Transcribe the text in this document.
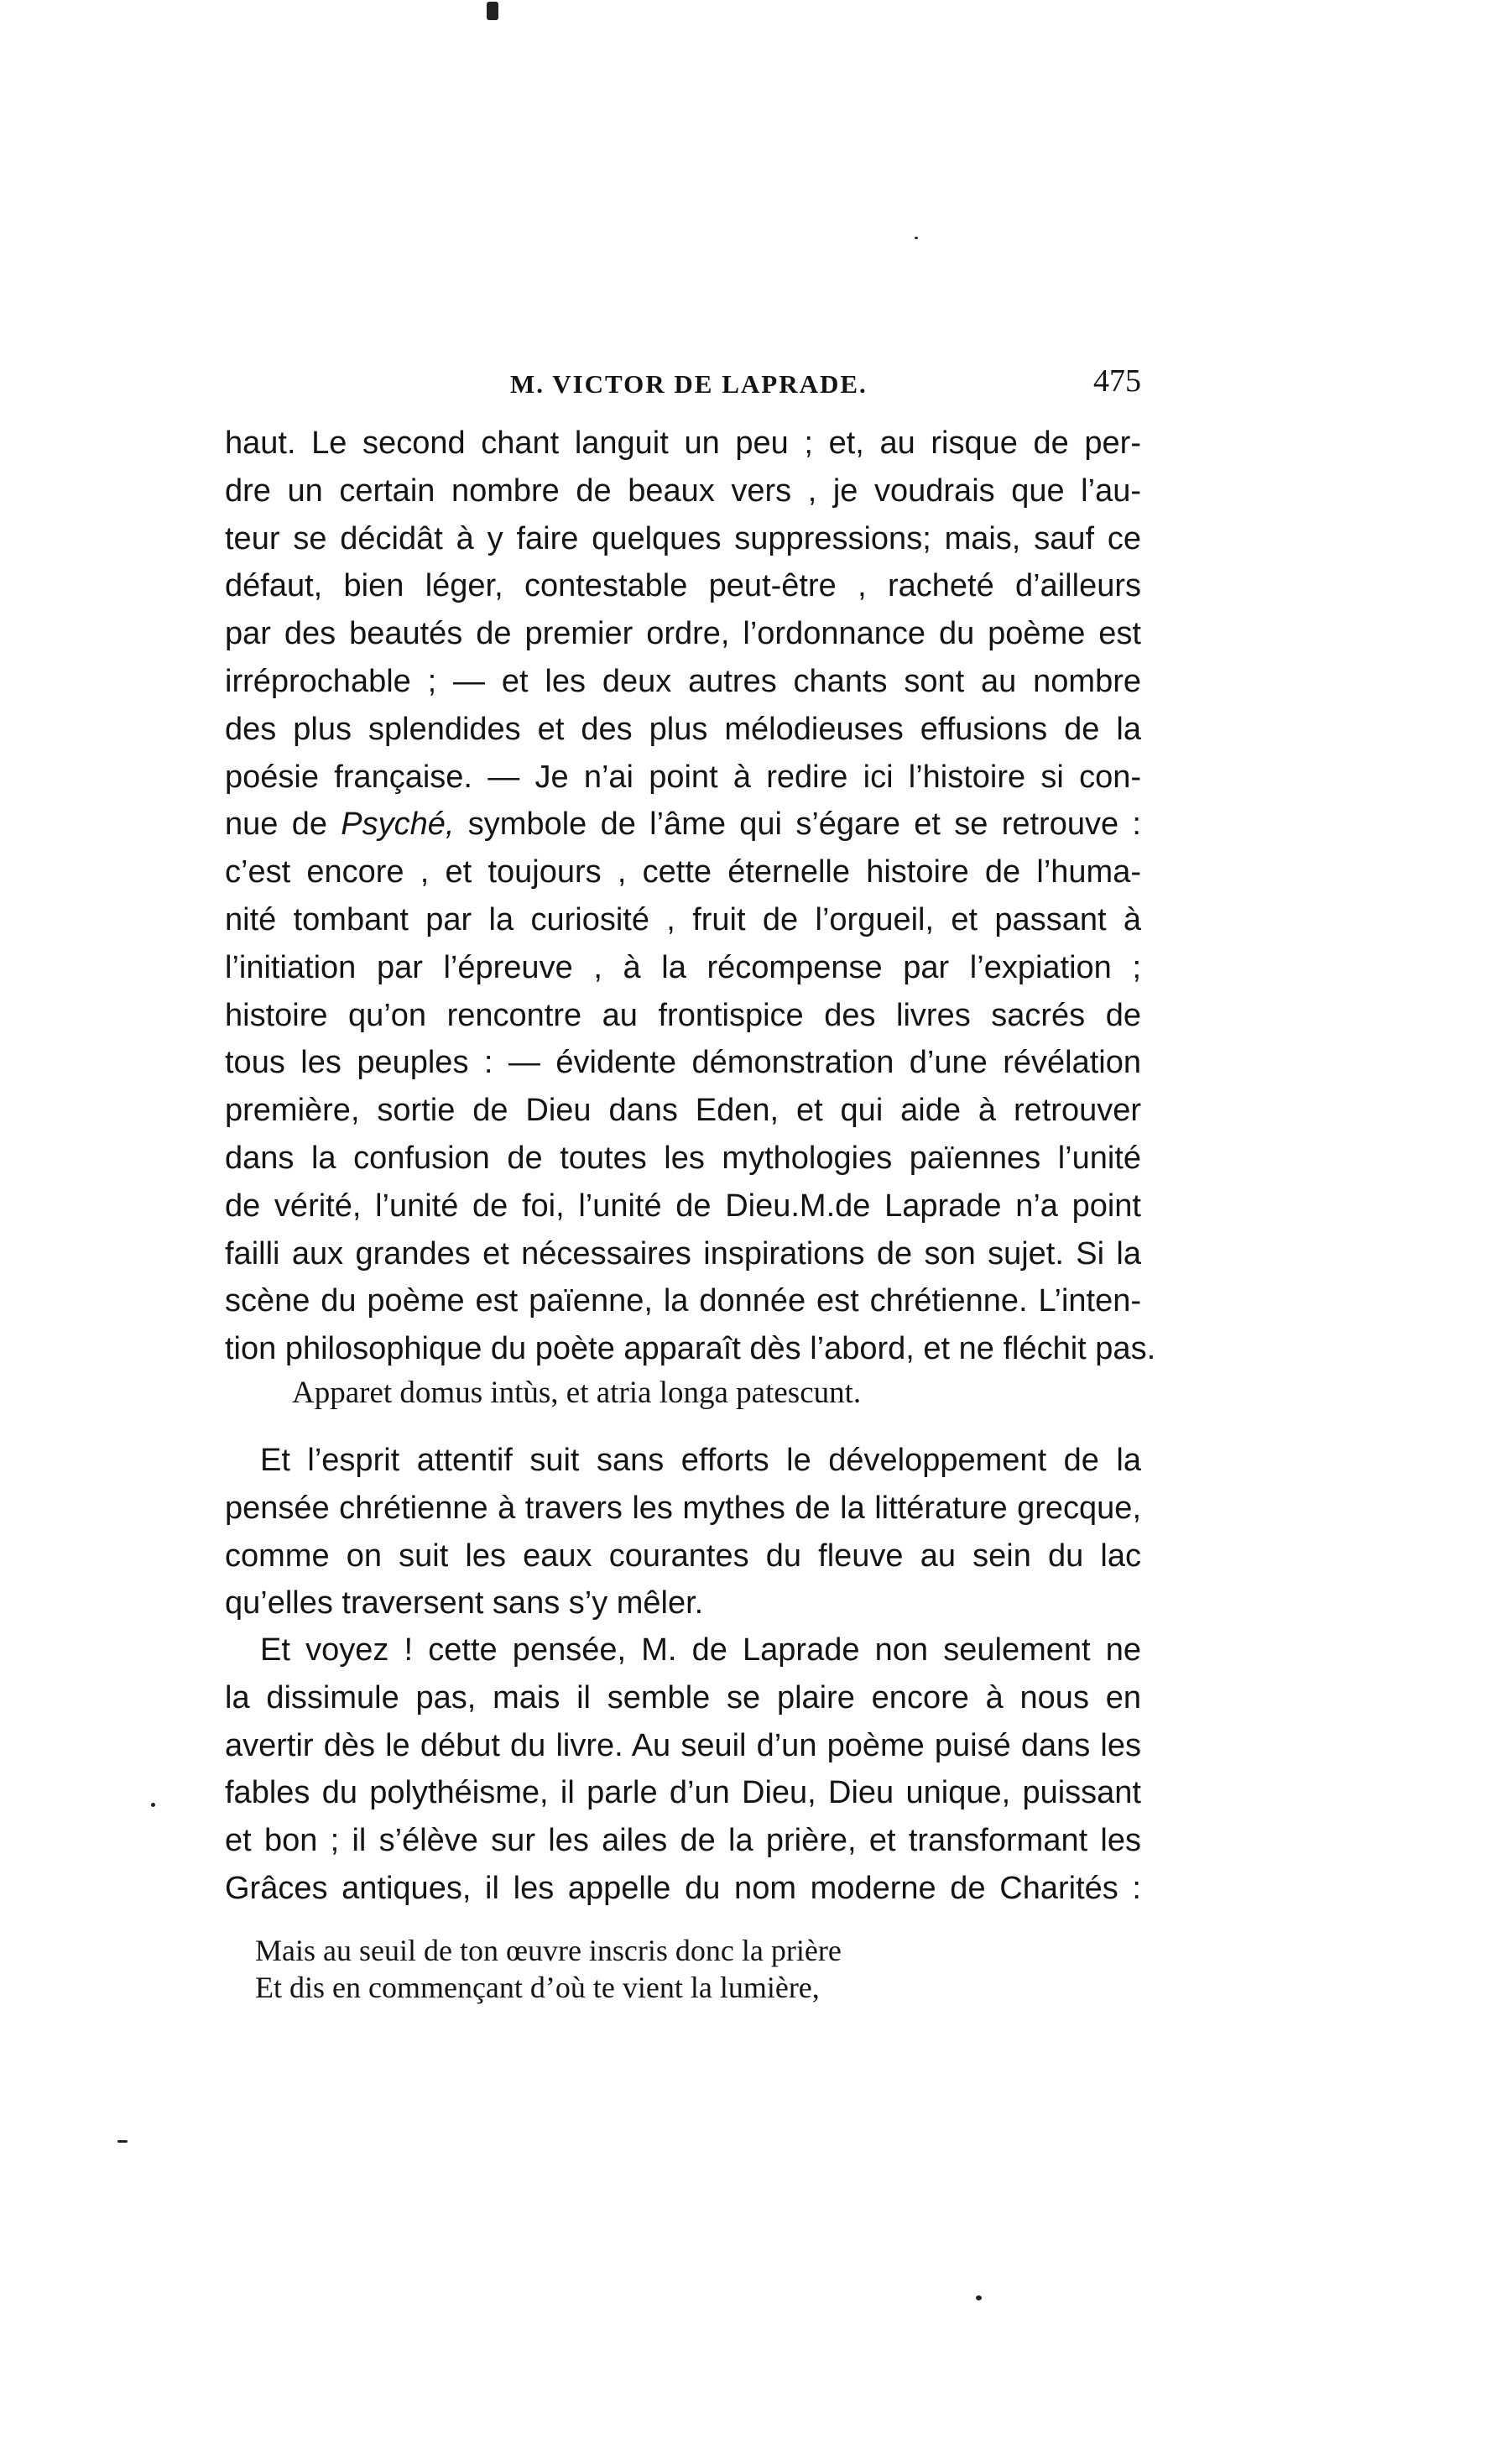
M. VICTOR DE LAPRADE.	475
haut. Le second chant languit un peu ; et, au risque de per-
dre un certain nombre de beaux vers , je voudrais que l’au-
teur se décidât à y faire quelques suppressions; mais, sauf ce
défaut, bien léger, contestable peut-être , racheté d’ailleurs
par des beautés de premier ordre, l’ordonnance du poème est
irréprochable ; — et les deux autres chants sont au nombre
des plus splendides et des plus mélodieuses effusions de la
poésie française. — Je n’ai point à redire ici l’histoire si con-
nue de Psyché, symbole de l’âme qui s’égare et se retrouve :
c’est encore , et toujours , cette éternelle histoire de l’huma-
nité tombant par la curiosité , fruit de l’orgueil, et passant à
l’initiation par l’épreuve , à la récompense par l’expiation ;
histoire qu’on rencontre au frontispice des livres sacrés de
tous les peuples : — évidente démonstration d’une révélation
première, sortie de Dieu dans Eden, et qui aide à retrouver
dans la confusion de toutes les mythologies païennes l’unité
de vérité, l’unité de foi, l’unité de Dieu.M.de Laprade n’a point
failli aux grandes et nécessaires inspirations de son sujet. Si la
scène du poème est païenne, la donnée est chrétienne. L’inten-
tion philosophique du poète apparaît dès l’abord, et ne fléchit pas.
Apparet domus intùs, et atria longa patescunt.
Et l’esprit attentif suit sans efforts le développement de la
pensée chrétienne à travers les mythes de la littérature grecque,
comme on suit les eaux courantes du fleuve au sein du lac
qu’elles traversent sans s’y mêler.
Et voyez ! cette pensée, M. de Laprade non seulement ne
la dissimule pas, mais il semble se plaire encore à nous en
avertir dès le début du livre. Au seuil d’un poème puisé dans les
fables du polythéisme, il parle d’un Dieu, Dieu unique, puissant
et bon ; il s’élève sur les ailes de la prière, et transformant les
Grâces antiques, il les appelle du nom moderne de Charités :
Mais au seuil de ton œuvre inscris donc la prière
Et dis en commençant d’où te vient la lumière,
